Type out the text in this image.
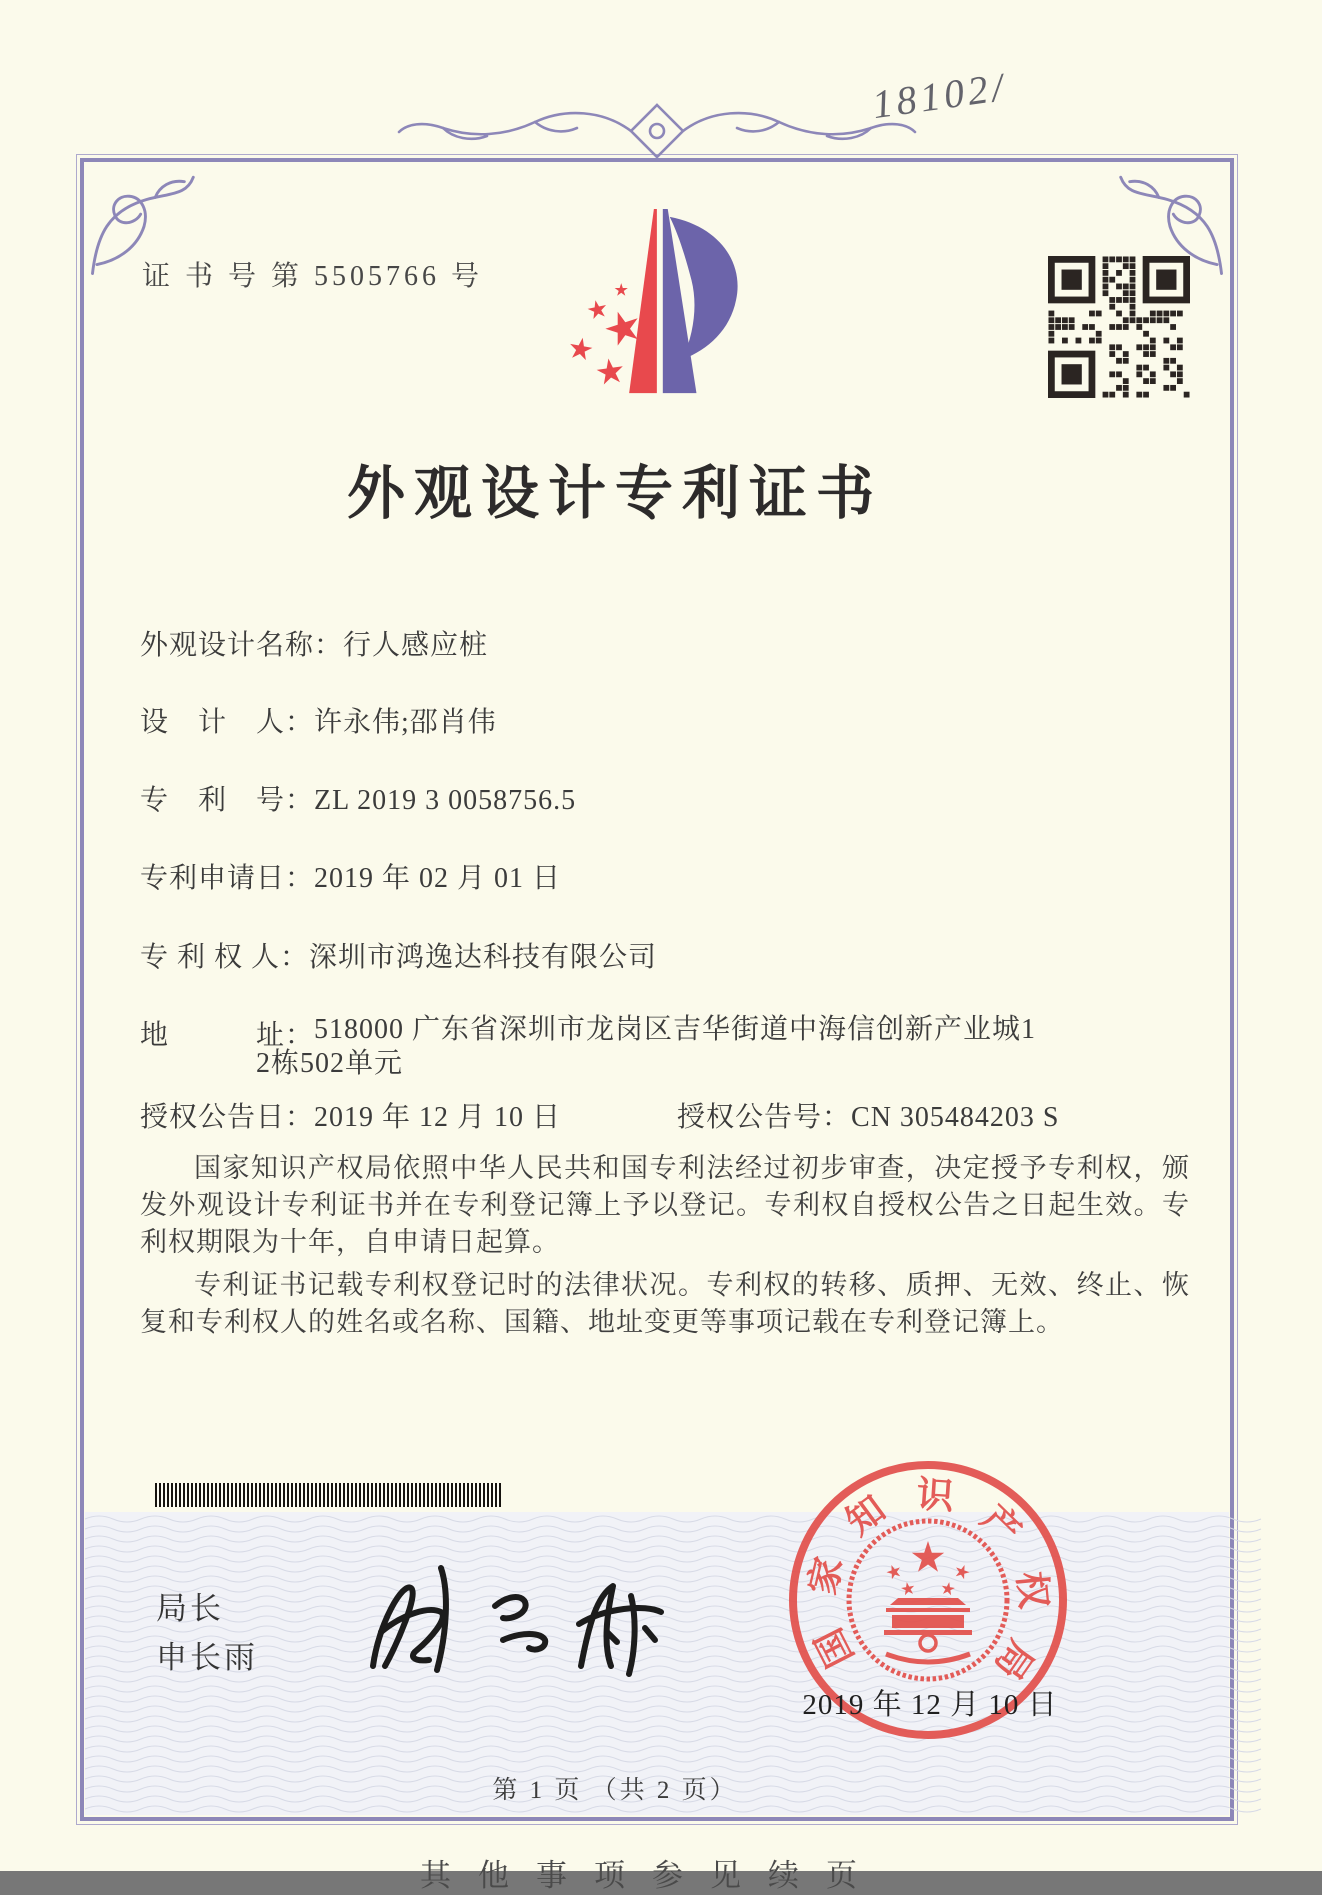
18102/
证 书 号 第 5505766 号
外观设计专利证书
外观设计名称：行人感应桩
设　计　人：许永伟;邵肖伟
专　利　号：ZL 2019 3 0058756.5
专利申请日：2019 年 02 月 01 日
专 利 权 人：深圳市鸿逸达科技有限公司
地　　　址：518000 广东省深圳市龙岗区吉华街道中海信创新产业城1
2栋502单元
授权公告日：2019 年 12 月 10 日	授权公告号：CN 305484203 S

国家知识产权局依照中华人民共和国专利法经过初步审查，决定授予专利权，颁发外观设计专利证书并在专利登记簿上予以登记。专利权自授权公告之日起生效。专利权期限为十年，自申请日起算。

专利证书记载专利权登记时的法律状况。专利权的转移、质押、无效、终止、恢复和专利权人的姓名或名称、国籍、地址变更等事项记载在专利登记簿上。

局长
申长雨	国
家
知 识
产
权
局
2019 年 12 月 10 日
第 1 页 （共 2 页）
其他事项参见续页
